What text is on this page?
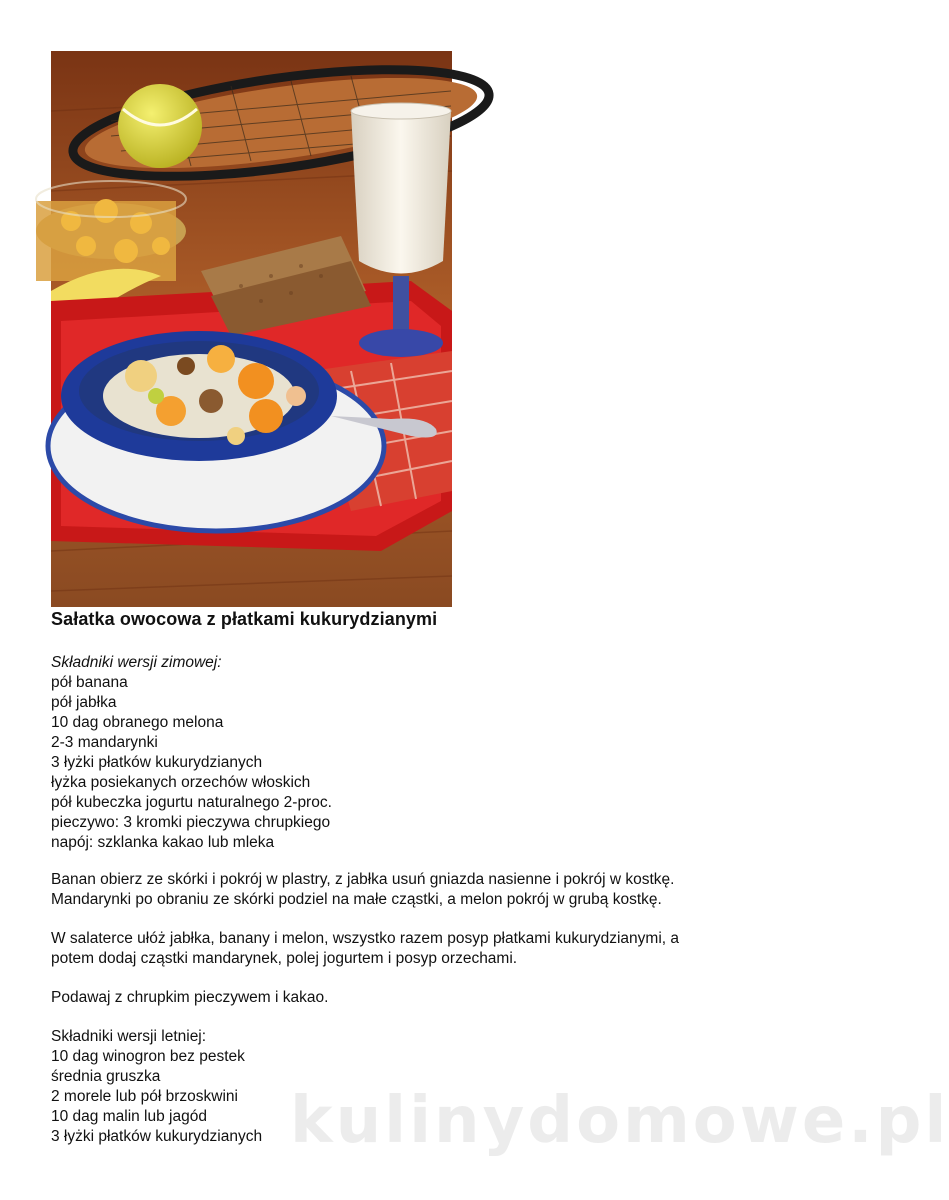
Sałatka owocowa z płatkami kukurydzianymi
Składniki wersji zimowej:
pół banana
pół jabłka
10 dag obranego melona
2-3 mandarynki
3 łyżki płatków kukurydzianych
łyżka posiekanych orzechów włoskich
pół kubeczka jogurtu naturalnego 2-proc.
pieczywo: 3 kromki pieczywa chrupkiego
napój: szklanka kakao lub mleka
Banan obierz ze skórki i pokrój w plastry, z jabłka usuń gniazda nasienne i pokrój w kostkę.
Mandarynki po obraniu ze skórki podziel na małe cząstki, a melon pokrój w grubą kostkę.
W salaterce ułóż jabłka, banany i melon, wszystko razem posyp płatkami kukurydzianymi, a
potem dodaj cząstki mandarynek, polej jogurtem i posyp orzechami.
Podawaj z chrupkim pieczywem i kakao.
Składniki wersji letniej:
10 dag winogron bez pestek
średnia gruszka
2 morele lub pół brzoskwini
10 dag malin lub jagód
3 łyżki płatków kukurydzianych kulinydomowe.pl
